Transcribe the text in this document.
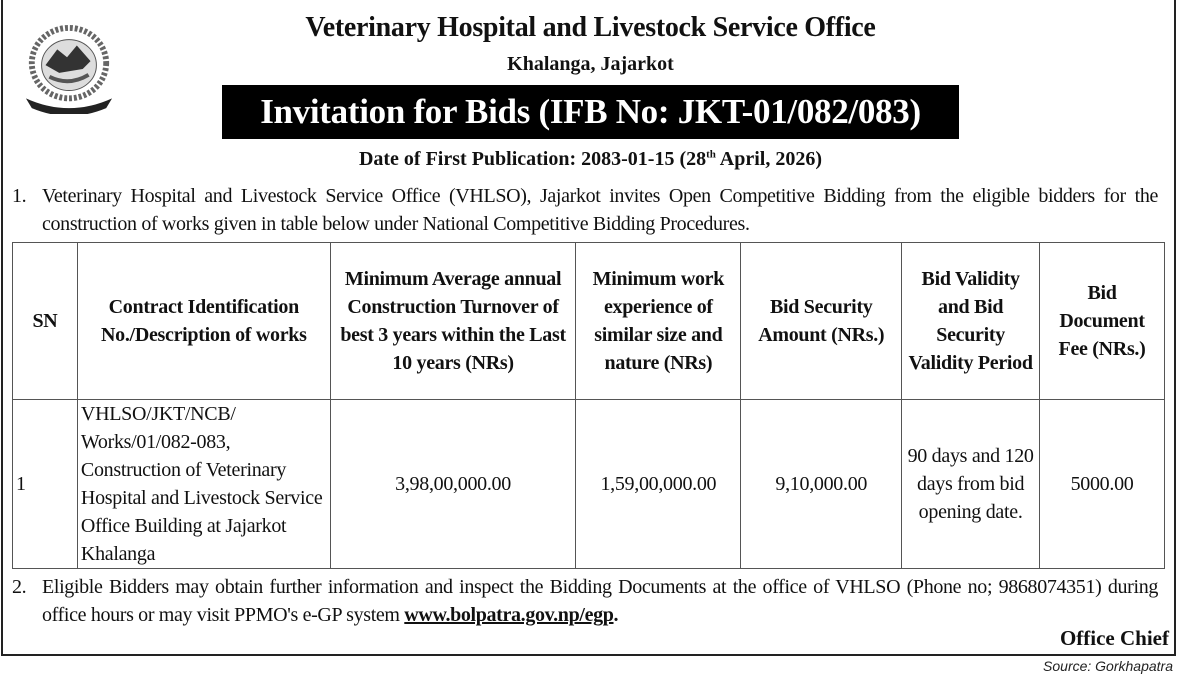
Veterinary Hospital and Livestock Service Office
Khalanga, Jajarkot
Invitation for Bids (IFB No: JKT-01/082/083)
Date of First Publication: 2083-01-15 (28th April, 2026)
1. Veterinary Hospital and Livestock Service Office (VHLSO), Jajarkot invites Open Competitive Bidding from the eligible bidders for the construction of works given in table below under National Competitive Bidding Procedures.
SN	Contract Identification No./Description of works	Minimum Average annual Construction Turnover of best 3 years within the Last 10 years (NRs)	Minimum work experience of similar size and nature (NRs)	Bid Security Amount (NRs.)	Bid Validity and Bid Security Validity Period	Bid Document Fee (NRs.)
1	VHLSO/JKT/NCB/ Works/01/082-083, Construction of Veterinary Hospital and Livestock Service Office Building at Jajarkot Khalanga	3,98,00,000.00	1,59,00,000.00	9,10,000.00	90 days and 120 days from bid opening date.	5000.00
2. Eligible Bidders may obtain further information and inspect the Bidding Documents at the office of VHLSO (Phone no; 9868074351) during office hours or may visit PPMO's e-GP system www.bolpatra.gov.np/egp.
Office Chief
Source: Gorkhapatra
